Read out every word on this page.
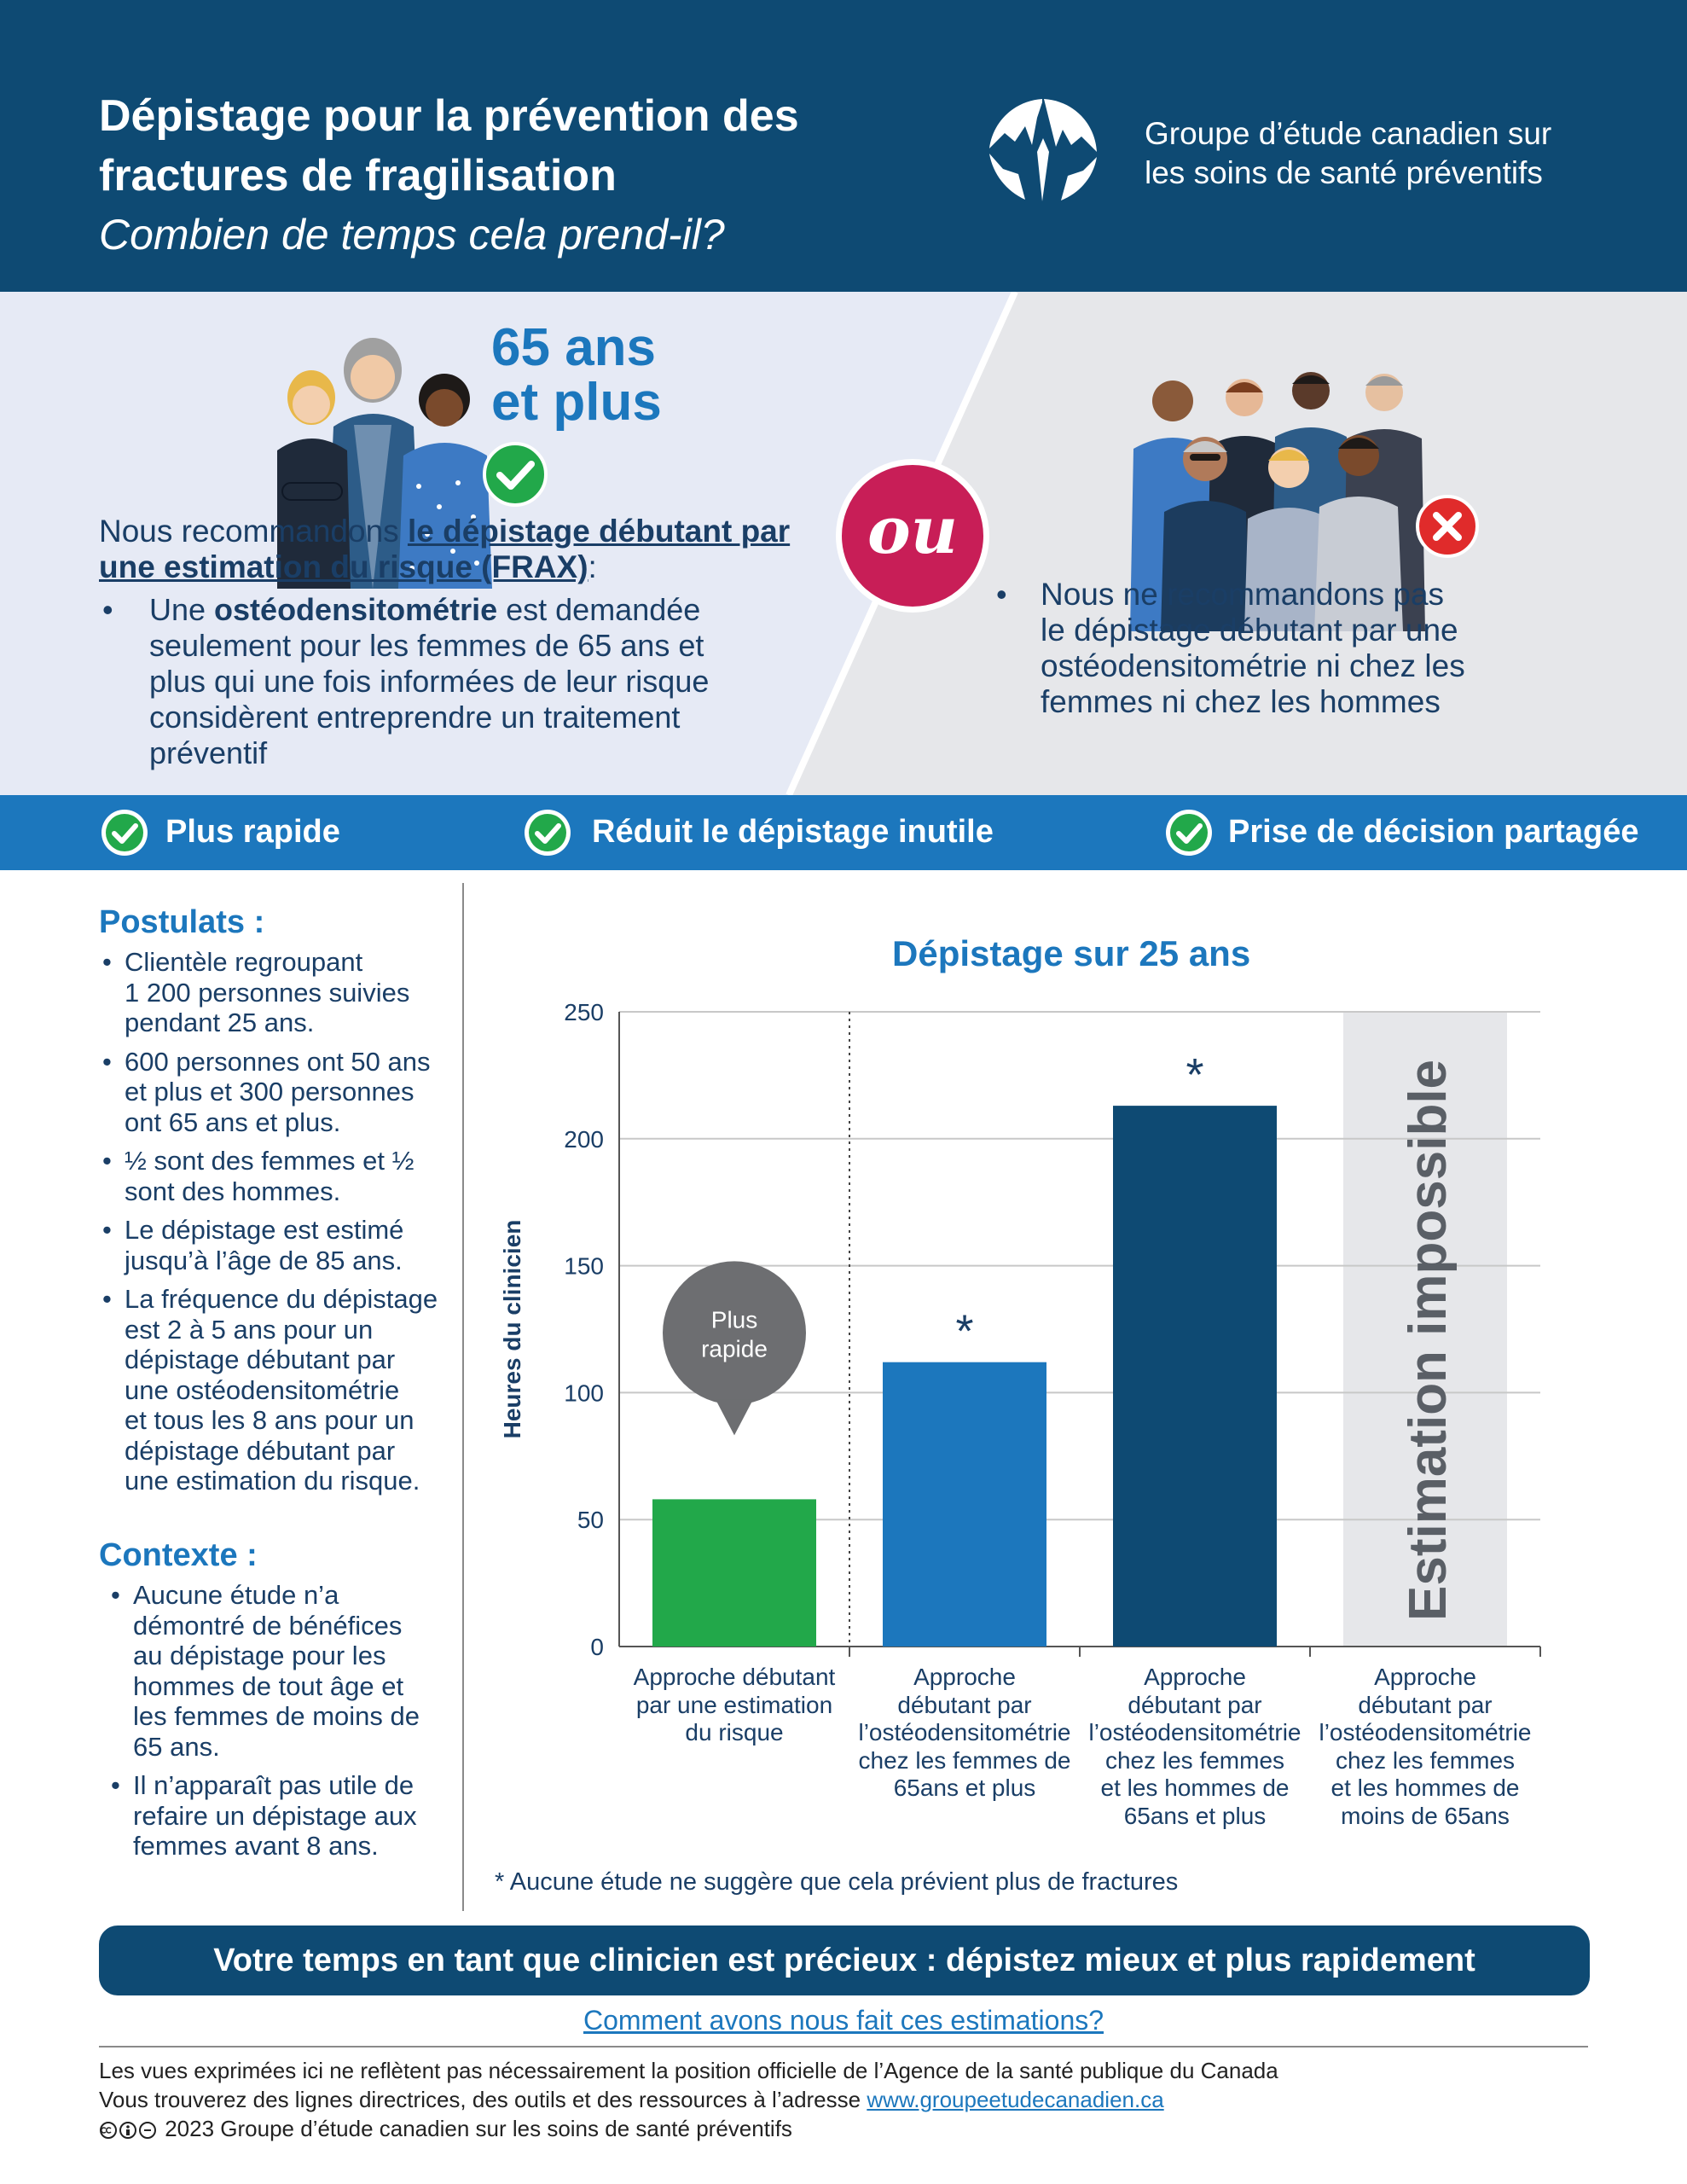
Dépistage pour la prévention des
fractures de fragilisation
Combien de temps cela prend-il?
Groupe d’étude canadien sur
les soins de santé préventifs
65 ans
et plus
ou
Nous recommandons le dépistage débutant par
une estimation du risque (FRAX):
• Une ostéodensitométrie est demandée
seulement pour les femmes de 65 ans et
plus qui une fois informées de leur risque
considèrent entreprendre un traitement
préventif
• Nous ne recommandons pas
le dépistage débutant par une
ostéodensitométrie ni chez les
femmes ni chez les hommes
Plus rapide	Réduit le dépistage inutile	Prise de décision partagée
Postulats :
• Clientèle regroupant
1 200 personnes suivies
pendant 25 ans.
• 600 personnes ont 50 ans
et plus et 300 personnes
ont 65 ans et plus.
• ½ sont des femmes et ½
sont des hommes.
• Le dépistage est estimé
jusqu’à l’âge de 85 ans.
• La fréquence du dépistage
est 2 à 5 ans pour un
dépistage débutant par
une ostéodensitométrie
et tous les 8 ans pour un
dépistage débutant par
une estimation du risque.
Contexte :
• Aucune étude n’a
démontré de bénéfices
au dépistage pour les
hommes de tout âge et
les femmes de moins de
65 ans.
• Il n’apparaît pas utile de
refaire un dépistage aux
femmes avant 8 ans.
Dépistage sur 25 ans
0
50
100
150
200
250
Heures du clinicien	*
*	Estimation impossible
Plus
rapide
Approche débutant
par une estimation
du risque
Approche
débutant par
l’ostéodensitométrie
chez les femmes de
65ans et plus
Approche
débutant par
l’ostéodensitométrie
chez les femmes
et les hommes de
65ans et plus
Approche
débutant par
l’ostéodensitométrie
chez les femmes
et les hommes de
moins de 65ans
* Aucune étude ne suggère que cela prévient plus de fractures
Votre temps en tant que clinicien est précieux : dépistez mieux et plus rapidement
Comment avons nous fait ces estimations?
Les vues exprimées ici ne reflètent pas nécessairement la position officielle de l’Agence de la santé publique du Canada
Vous trouverez des lignes directrices, des outils et des ressources à l’adresse www.groupeetudecanadien.ca
2023 Groupe d’étude canadien sur les soins de santé préventifs
